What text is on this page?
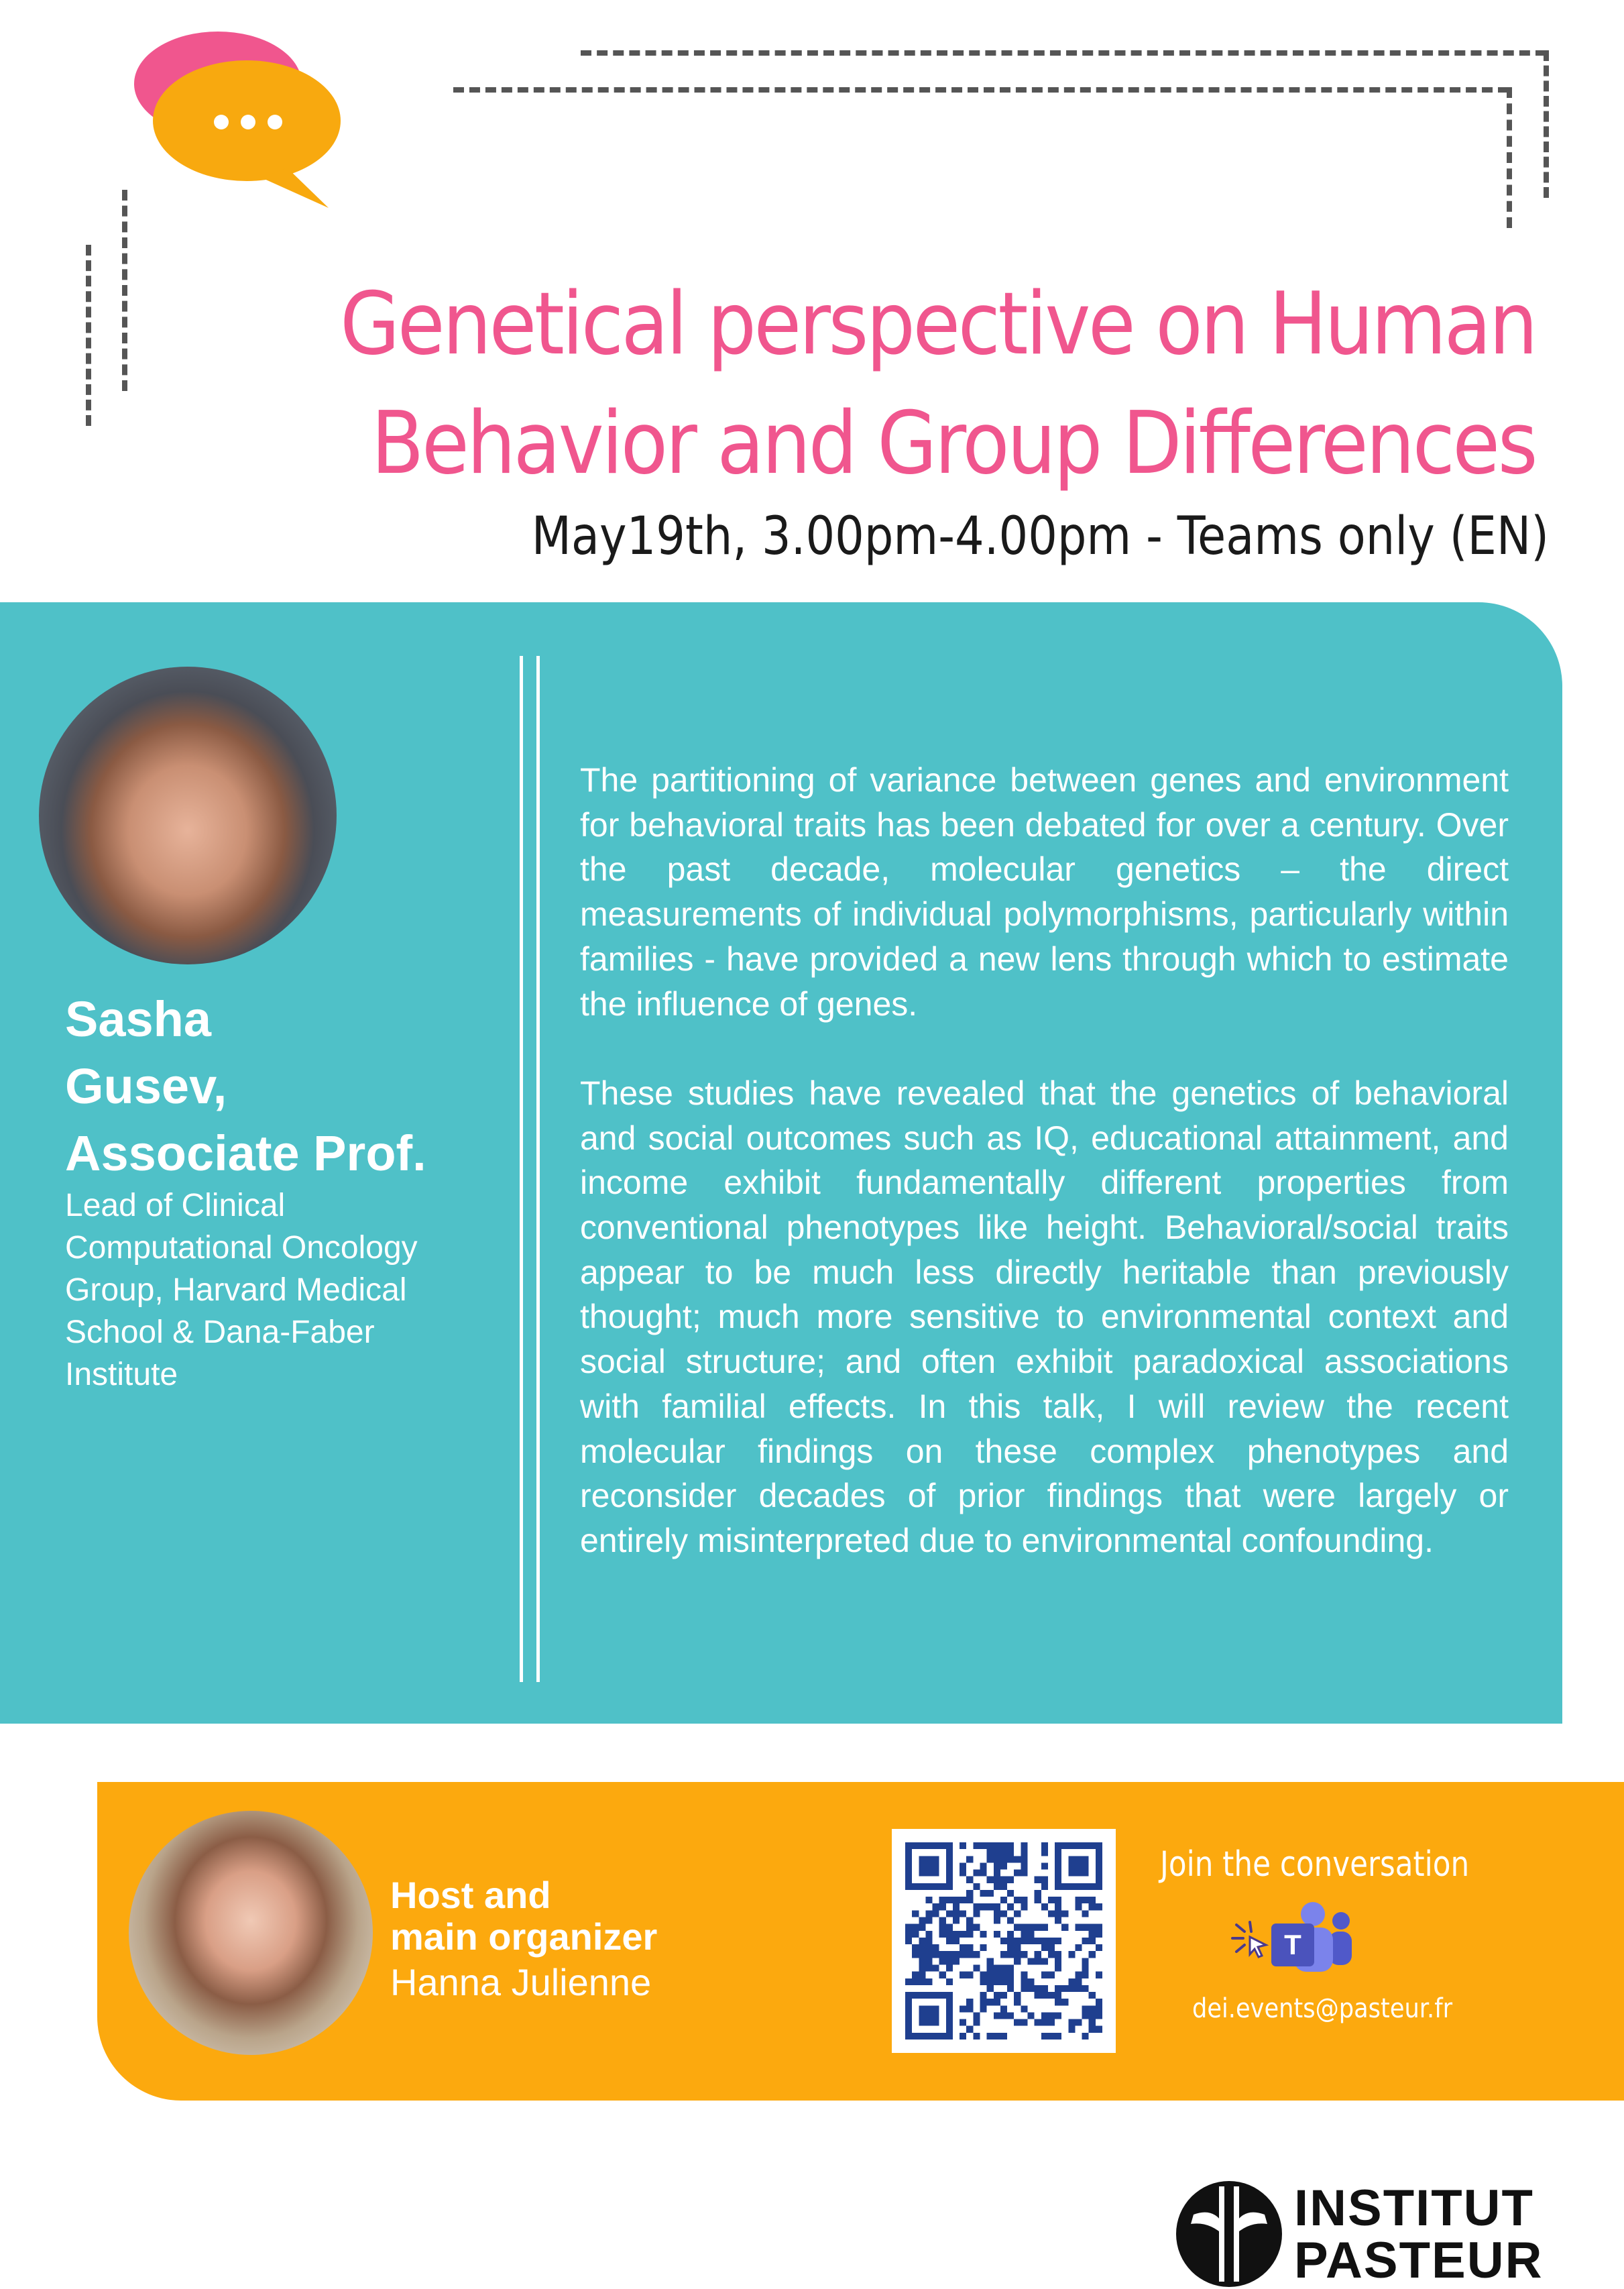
Genetical perspective on Human
Behavior and Group Differences
May19th, 3.00pm-4.00pm - Teams only (EN)
Sasha
Gusev,
Associate Prof.
Lead of Clinical
Computational Oncology
Group, Harvard Medical
School & Dana-Faber
Institute

The partitioning of variance between genes and environment for behavioral traits has been debated for over a century. Over the past decade, molecular genetics – the direct measurements of individual polymorphisms, particularly within families - have provided a new lens through which to estimate the influence of genes.

These studies have revealed that the genetics of behavioral and social outcomes such as IQ, educational attainment, and income exhibit fundamentally different properties from conventional phenotypes like height. Behavioral/social traits appear to be much less directly heritable than previously thought; much more sensitive to environmental context and social structure; and often exhibit paradoxical associations with familial effects. In this talk, I will review the recent molecular findings on these complex phenotypes and reconsider decades of prior findings that were largely or entirely misinterpreted due to environmental confounding.

Host and
main organizer
Hanna Julienne
Join the conversation
T
dei.events@pasteur.fr
INSTITUT
PASTEUR
